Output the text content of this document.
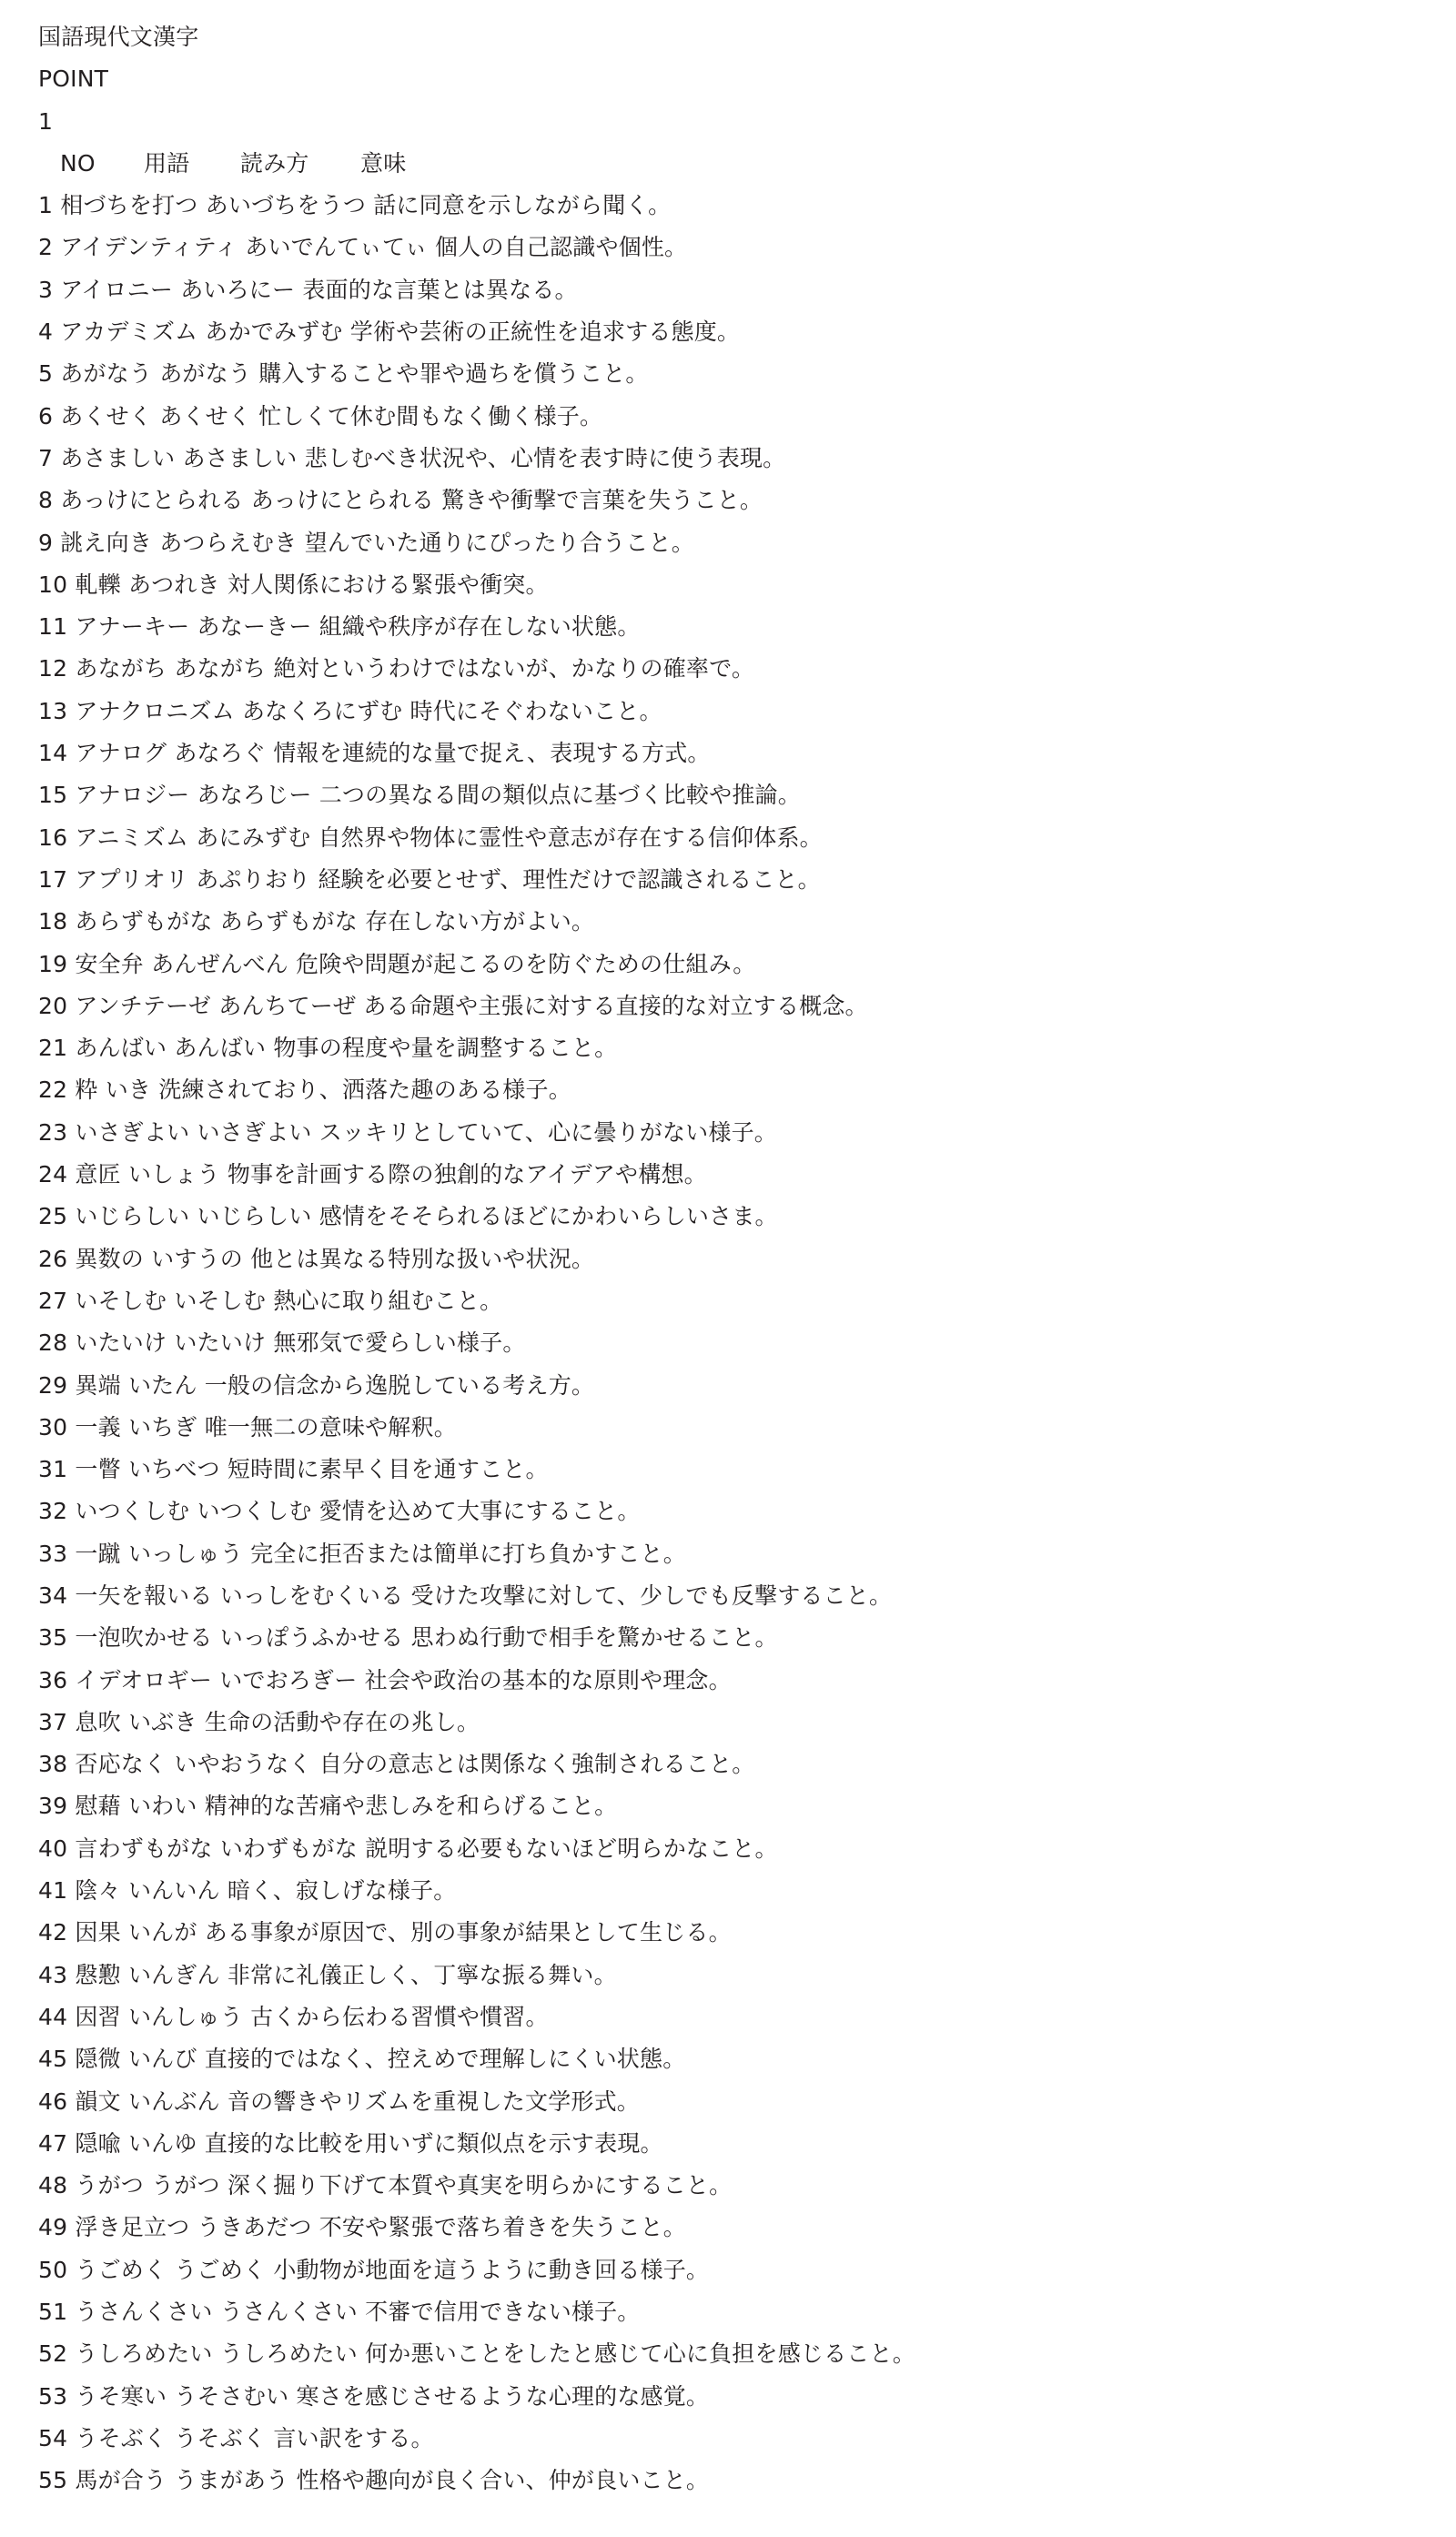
国語現代文漢字
POINT
1
NO 用語 読み方 意味
1 相づちを打つ あいづちをうつ 話に同意を示しながら聞く。
2 アイデンティティ あいでんてぃてぃ 個人の自己認識や個性。
3 アイロニー あいろにー 表面的な言葉とは異なる。
4 アカデミズム あかでみずむ 学術や芸術の正統性を追求する態度。
5 あがなう あがなう 購入することや罪や過ちを償うこと。
6 あくせく あくせく 忙しくて休む間もなく働く様子。
7 あさましい あさましい 悲しむべき状況や、心情を表す時に使う表現。
8 あっけにとられる あっけにとられる 驚きや衝撃で言葉を失うこと。
9 誂え向き あつらえむき 望んでいた通りにぴったり合うこと。
10 軋轢 あつれき 対人関係における緊張や衝突。
11 アナーキー あなーきー 組織や秩序が存在しない状態。
12 あながち あながち 絶対というわけではないが、かなりの確率で。
13 アナクロニズム あなくろにずむ 時代にそぐわないこと。
14 アナログ あなろぐ 情報を連続的な量で捉え、表現する方式。
15 アナロジー あなろじー 二つの異なる間の類似点に基づく比較や推論。
16 アニミズム あにみずむ 自然界や物体に霊性や意志が存在する信仰体系。
17 アプリオリ あぷりおり 経験を必要とせず、理性だけで認識されること。
18 あらずもがな あらずもがな 存在しない方がよい。
19 安全弁 あんぜんべん 危険や問題が起こるのを防ぐための仕組み。
20 アンチテーゼ あんちてーぜ ある命題や主張に対する直接的な対立する概念。
21 あんばい あんばい 物事の程度や量を調整すること。
22 粋 いき 洗練されており、洒落た趣のある様子。
23 いさぎよい いさぎよい スッキリとしていて、心に曇りがない様子。
24 意匠 いしょう 物事を計画する際の独創的なアイデアや構想。
25 いじらしい いじらしい 感情をそそられるほどにかわいらしいさま。
26 異数の いすうの 他とは異なる特別な扱いや状況。
27 いそしむ いそしむ 熱心に取り組むこと。
28 いたいけ いたいけ 無邪気で愛らしい様子。
29 異端 いたん 一般の信念から逸脱している考え方。
30 一義 いちぎ 唯一無二の意味や解釈。
31 一瞥 いちべつ 短時間に素早く目を通すこと。
32 いつくしむ いつくしむ 愛情を込めて大事にすること。
33 一蹴 いっしゅう 完全に拒否または簡単に打ち負かすこと。
34 一矢を報いる いっしをむくいる 受けた攻撃に対して、少しでも反撃すること。
35 一泡吹かせる いっぽうふかせる 思わぬ行動で相手を驚かせること。
36 イデオロギー いでおろぎー 社会や政治の基本的な原則や理念。
37 息吹 いぶき 生命の活動や存在の兆し。
38 否応なく いやおうなく 自分の意志とは関係なく強制されること。
39 慰藉 いわい 精神的な苦痛や悲しみを和らげること。
40 言わずもがな いわずもがな 説明する必要もないほど明らかなこと。
41 陰々 いんいん 暗く、寂しげな様子。
42 因果 いんが ある事象が原因で、別の事象が結果として生じる。
43 慇懃 いんぎん 非常に礼儀正しく、丁寧な振る舞い。
44 因習 いんしゅう 古くから伝わる習慣や慣習。
45 隠微 いんび 直接的ではなく、控えめで理解しにくい状態。
46 韻文 いんぶん 音の響きやリズムを重視した文学形式。
47 隠喩 いんゆ 直接的な比較を用いずに類似点を示す表現。
48 うがつ うがつ 深く掘り下げて本質や真実を明らかにすること。
49 浮き足立つ うきあだつ 不安や緊張で落ち着きを失うこと。
50 うごめく うごめく 小動物が地面を這うように動き回る様子。
51 うさんくさい うさんくさい 不審で信用できない様子。
52 うしろめたい うしろめたい 何か悪いことをしたと感じて心に負担を感じること。
53 うそ寒い うそさむい 寒さを感じさせるような心理的な感覚。
54 うそぶく うそぶく 言い訳をする。
55 馬が合う うまがあう 性格や趣向が良く合い、仲が良いこと。
